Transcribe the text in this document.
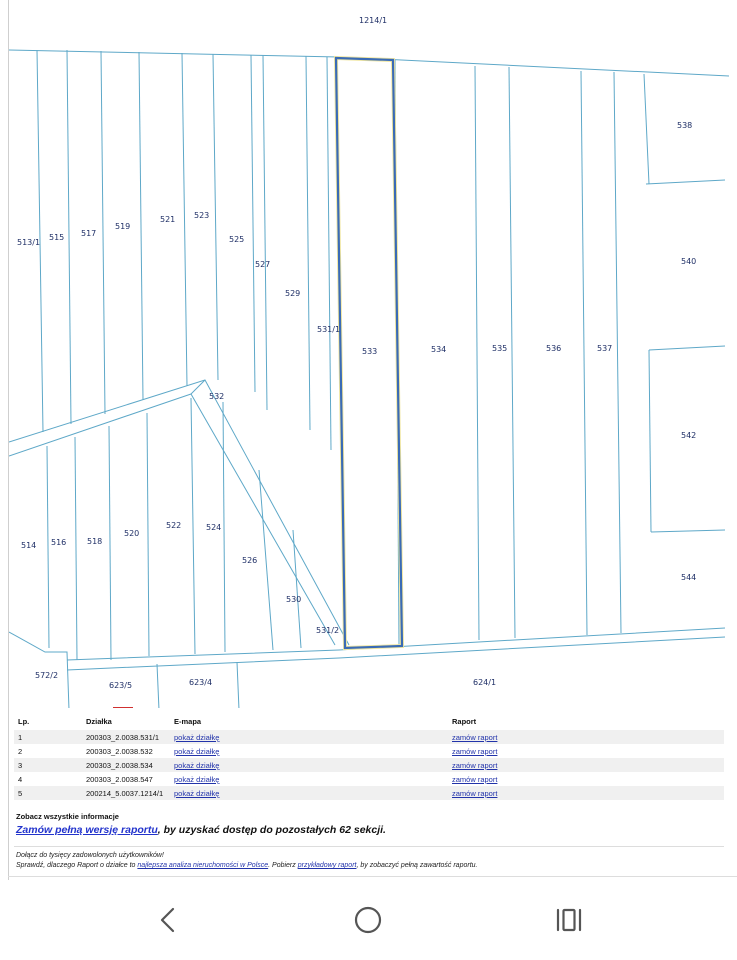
1214/1
538
540
542
544
513/1
515 517
519
521 523
525
527
529
531/1
533	534	535	536	537
532
514 516	518
520
522	524
526
530
531/2
572/2
623/5	623/4	624/1
Lp.	Działka	E-mapa	Raport
1	200303_2.0038.531/1	pokaż działkę	zamów raport
2	200303_2.0038.532	pokaż działkę	zamów raport
3	200303_2.0038.534	pokaż działkę	zamów raport
4	200303_2.0038.547	pokaż działkę	zamów raport
5	200214_5.0037.1214/1	pokaż działkę	zamów raport
Zobacz wszystkie informacje
Zamów pełną wersję raportu, by uzyskać dostęp do pozostałych 62 sekcji.
Dołącz do tysięcy zadowolonych użytkowników!
Sprawdź, dlaczego Raport o działce to najlepsza analiza nieruchomości w Polsce. Pobierz przykładowy raport, by zobaczyć pełną zawartość raportu.
